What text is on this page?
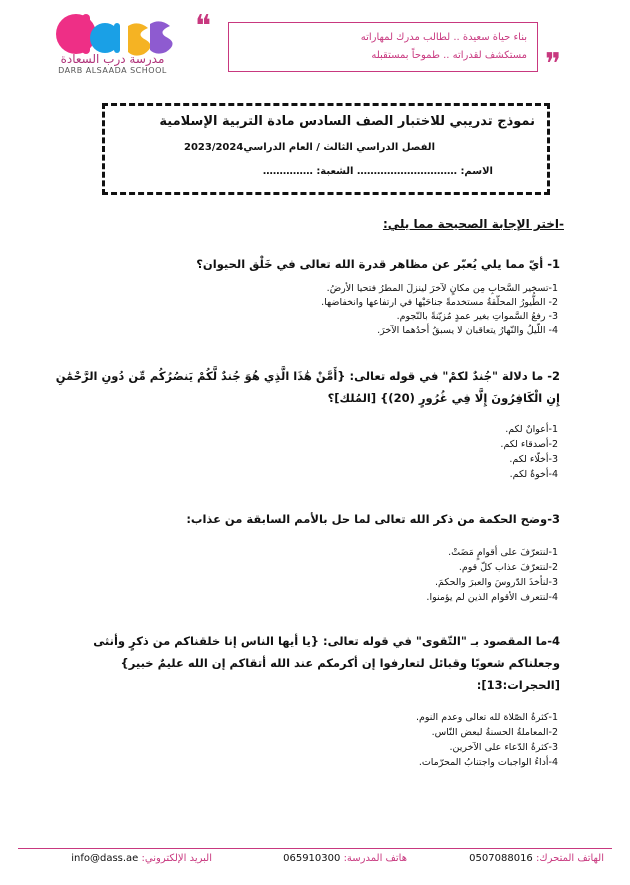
مدرسة درب السعادة
DARB ALSAADA SCHOOL
❝	بناء حياة سعيدة .. لطالب مدرك لمهاراته
مستكشف لقدراته .. طموحاً بمستقبله ❞
نموذج تدريبي للاختبار الصف السادس مادة التربية الإسلامية
الفصل الدراسي الثالث / العام الدراسي2023/2024
الاسم: ………………………… الشعبة: ……………
-اختر الإجابة الصحيحة مما يلي:
1- أيّ مما يلي يُعبّر عن مظاهر قدرة الله تعالى في خَلْق الحيوان؟
1-تسخير السَّحابِ مِن مكانٍ لآخرَ لينزلَ المطرُ فتحيا الأرضُ.
2- الطُّيورُ المحلّقةُ مستخدمةً جناحَيْها في ارتفاعها وانخفاضها.
3- رفعُ السَّمواتِ بغير عمدٍ مُزيّنةً بالنّجوم.
4- اللّيلُ والنّهارُ يتعاقبان لا يسبقُ أحدُهما الآخرَ.
2- ما دلالة "جُندٌ لكمْ" في قوله تعالى: {أَمَّنْ هَٰذَا الَّذِي هُوَ جُندٌ لَّكُمْ يَنصُرُكُم مِّن دُونِ الرَّحْمَٰنِ إِنِ الْكَافِرُونَ إِلَّا فِي غُرُورٍ (20)} [المُلك]؟
1-أعوانٌ لكم.
2-أصدقاء لكم.
3-أخلّاء لكم.
4-أخوةٌ لكم.
3-وضح الحكمة من ذكر الله تعالى لما حل بالأمم السابقة من عذاب:
1-لنتعرّفَ على أقوامٍ مَضَتْ.
2-لنتعرّفَ عذاب كلّ قوم.
3-لنأخذَ الدّروسَ والعبرَ والحكمَ.
4-لنتعرف الأقوام الذين لم يؤمنوا.
4-ما المقصود بـ "التّقوى" في قوله تعالى: {يا أيها الناس إنا خلقناكم من ذكرٍ وأنثى وجعلناكم شعوبًا وقبائل لتعارفوا إن أكرمكم عند الله أتقاكم إن الله عليمٌ خبير} [الحجرات:13]:
1-كثرةُ الصّلاة لله تعالى وعدم النوم.
2-المعاملةُ الحسنةُ لبعض النّاس.
3-كثرةُ الدّعاء على الآخرين.
4-أداءُ الواجبات واجتنابُ المحرّمات.
الهاتف المتحرك: 0507088016
هاتف المدرسة: 065910300
البريد الإلكتروني: info@dass.ae
